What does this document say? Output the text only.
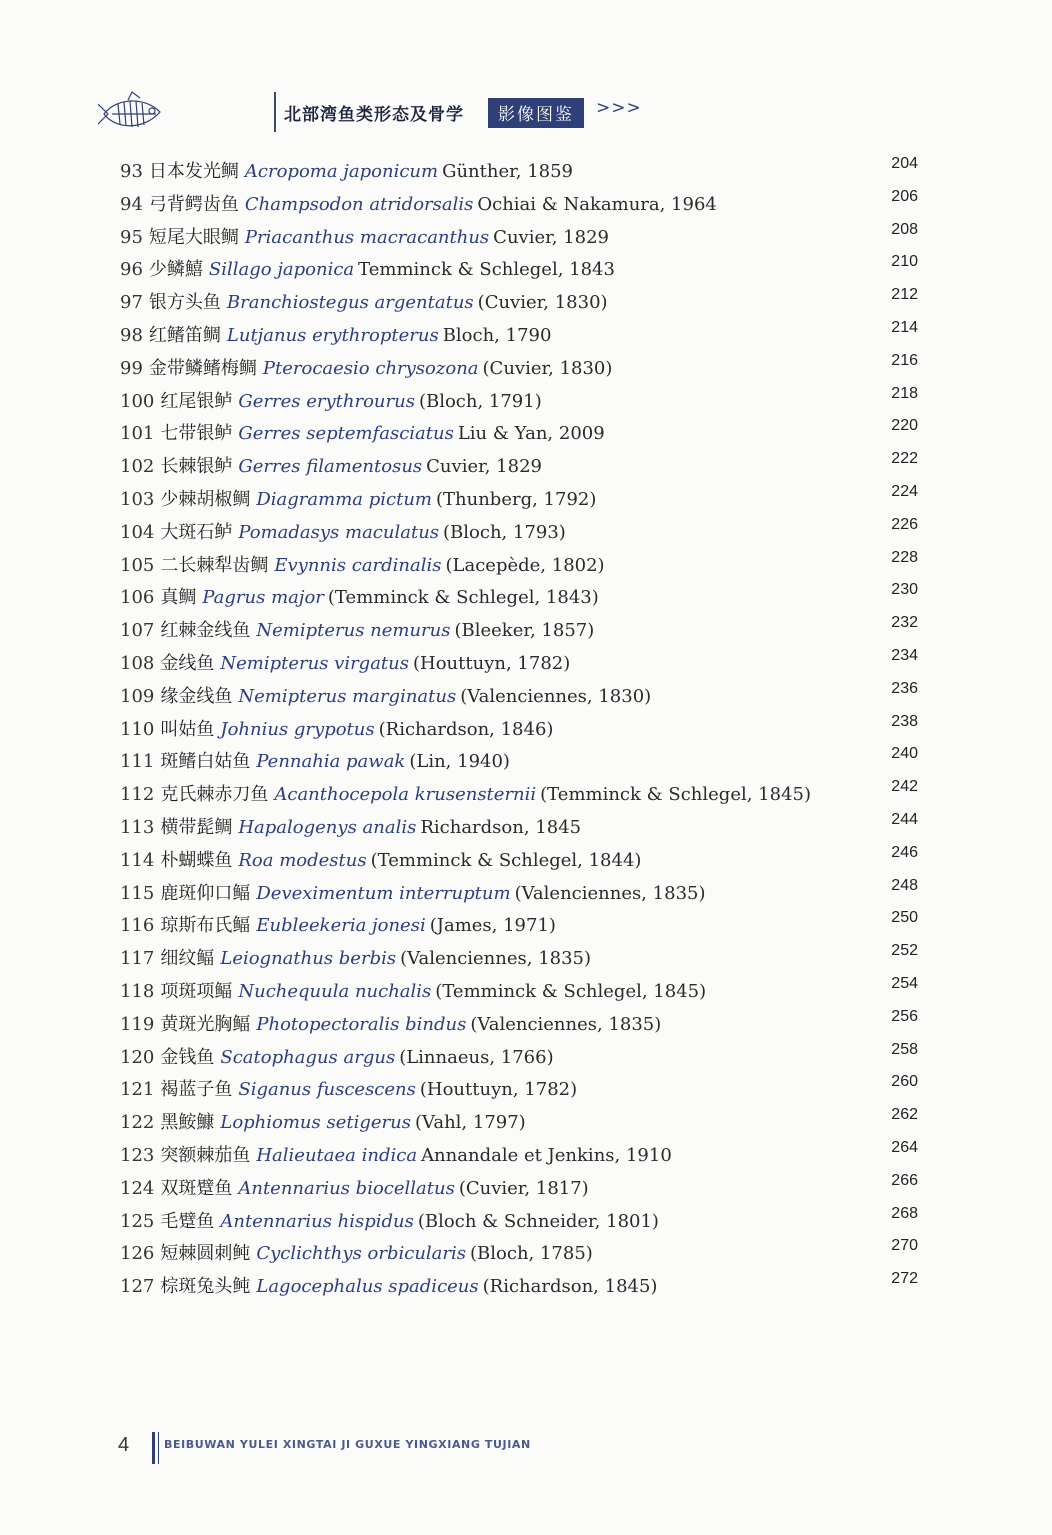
北部湾鱼类形态及骨学	影像图鉴	>>>
93 日本发光鲷 Acropoma japonicum Günther, 1859	204
94 弓背鳄齿鱼 Champsodon atridorsalis Ochiai & Nakamura, 1964	206
95 短尾大眼鲷 Priacanthus macracanthus Cuvier, 1829	208
96 少鳞鱚 Sillago japonica Temminck & Schlegel, 1843	210
97 银方头鱼 Branchiostegus argentatus (Cuvier, 1830)	212
98 红鳍笛鲷 Lutjanus erythropterus Bloch, 1790	214
99 金带鳞鳍梅鲷 Pterocaesio chrysozona (Cuvier, 1830)	216
100 红尾银鲈 Gerres erythrourus (Bloch, 1791)	218
101 七带银鲈 Gerres septemfasciatus Liu & Yan, 2009	220
102 长棘银鲈 Gerres filamentosus Cuvier, 1829	222
103 少棘胡椒鲷 Diagramma pictum (Thunberg, 1792)	224
104 大斑石鲈 Pomadasys maculatus (Bloch, 1793)	226
105 二长棘犁齿鲷 Evynnis cardinalis (Lacepède, 1802)	228
106 真鲷 Pagrus major (Temminck & Schlegel, 1843)	230
107 红棘金线鱼 Nemipterus nemurus (Bleeker, 1857)	232
108 金线鱼 Nemipterus virgatus (Houttuyn, 1782)	234
109 缘金线鱼 Nemipterus marginatus (Valenciennes, 1830)	236
110 叫姑鱼 Johnius grypotus (Richardson, 1846)	238
111 斑鳍白姑鱼 Pennahia pawak (Lin, 1940)	240
112 克氏棘赤刀鱼 Acanthocepola krusensternii (Temminck & Schlegel, 1845)	242
113 横带髭鲷 Hapalogenys analis Richardson, 1845	244
114 朴蝴蝶鱼 Roa modestus (Temminck & Schlegel, 1844)	246
115 鹿斑仰口鲾 Deveximentum interruptum (Valenciennes, 1835)	248
116 琼斯布氏鲾 Eubleekeria jonesi (James, 1971)	250
117 细纹鲾 Leiognathus berbis (Valenciennes, 1835)	252
118 项斑项鲾 Nuchequula nuchalis (Temminck & Schlegel, 1845)	254
119 黄斑光胸鲾 Photopectoralis bindus (Valenciennes, 1835)	256
120 金钱鱼 Scatophagus argus (Linnaeus, 1766)	258
121 褐蓝子鱼 Siganus fuscescens (Houttuyn, 1782)	260
122 黑鮟鱇 Lophiomus setigerus (Vahl, 1797)	262
123 突额棘茄鱼 Halieutaea indica Annandale et Jenkins, 1910	264
124 双斑躄鱼 Antennarius biocellatus (Cuvier, 1817)	266
125 毛躄鱼 Antennarius hispidus (Bloch & Schneider, 1801)	268
126 短棘圆刺鲀 Cyclichthys orbicularis (Bloch, 1785)	270
127 棕斑兔头鲀 Lagocephalus spadiceus (Richardson, 1845)	272
4	BEIBUWAN YULEI XINGTAI JI GUXUE YINGXIANG TUJIAN
